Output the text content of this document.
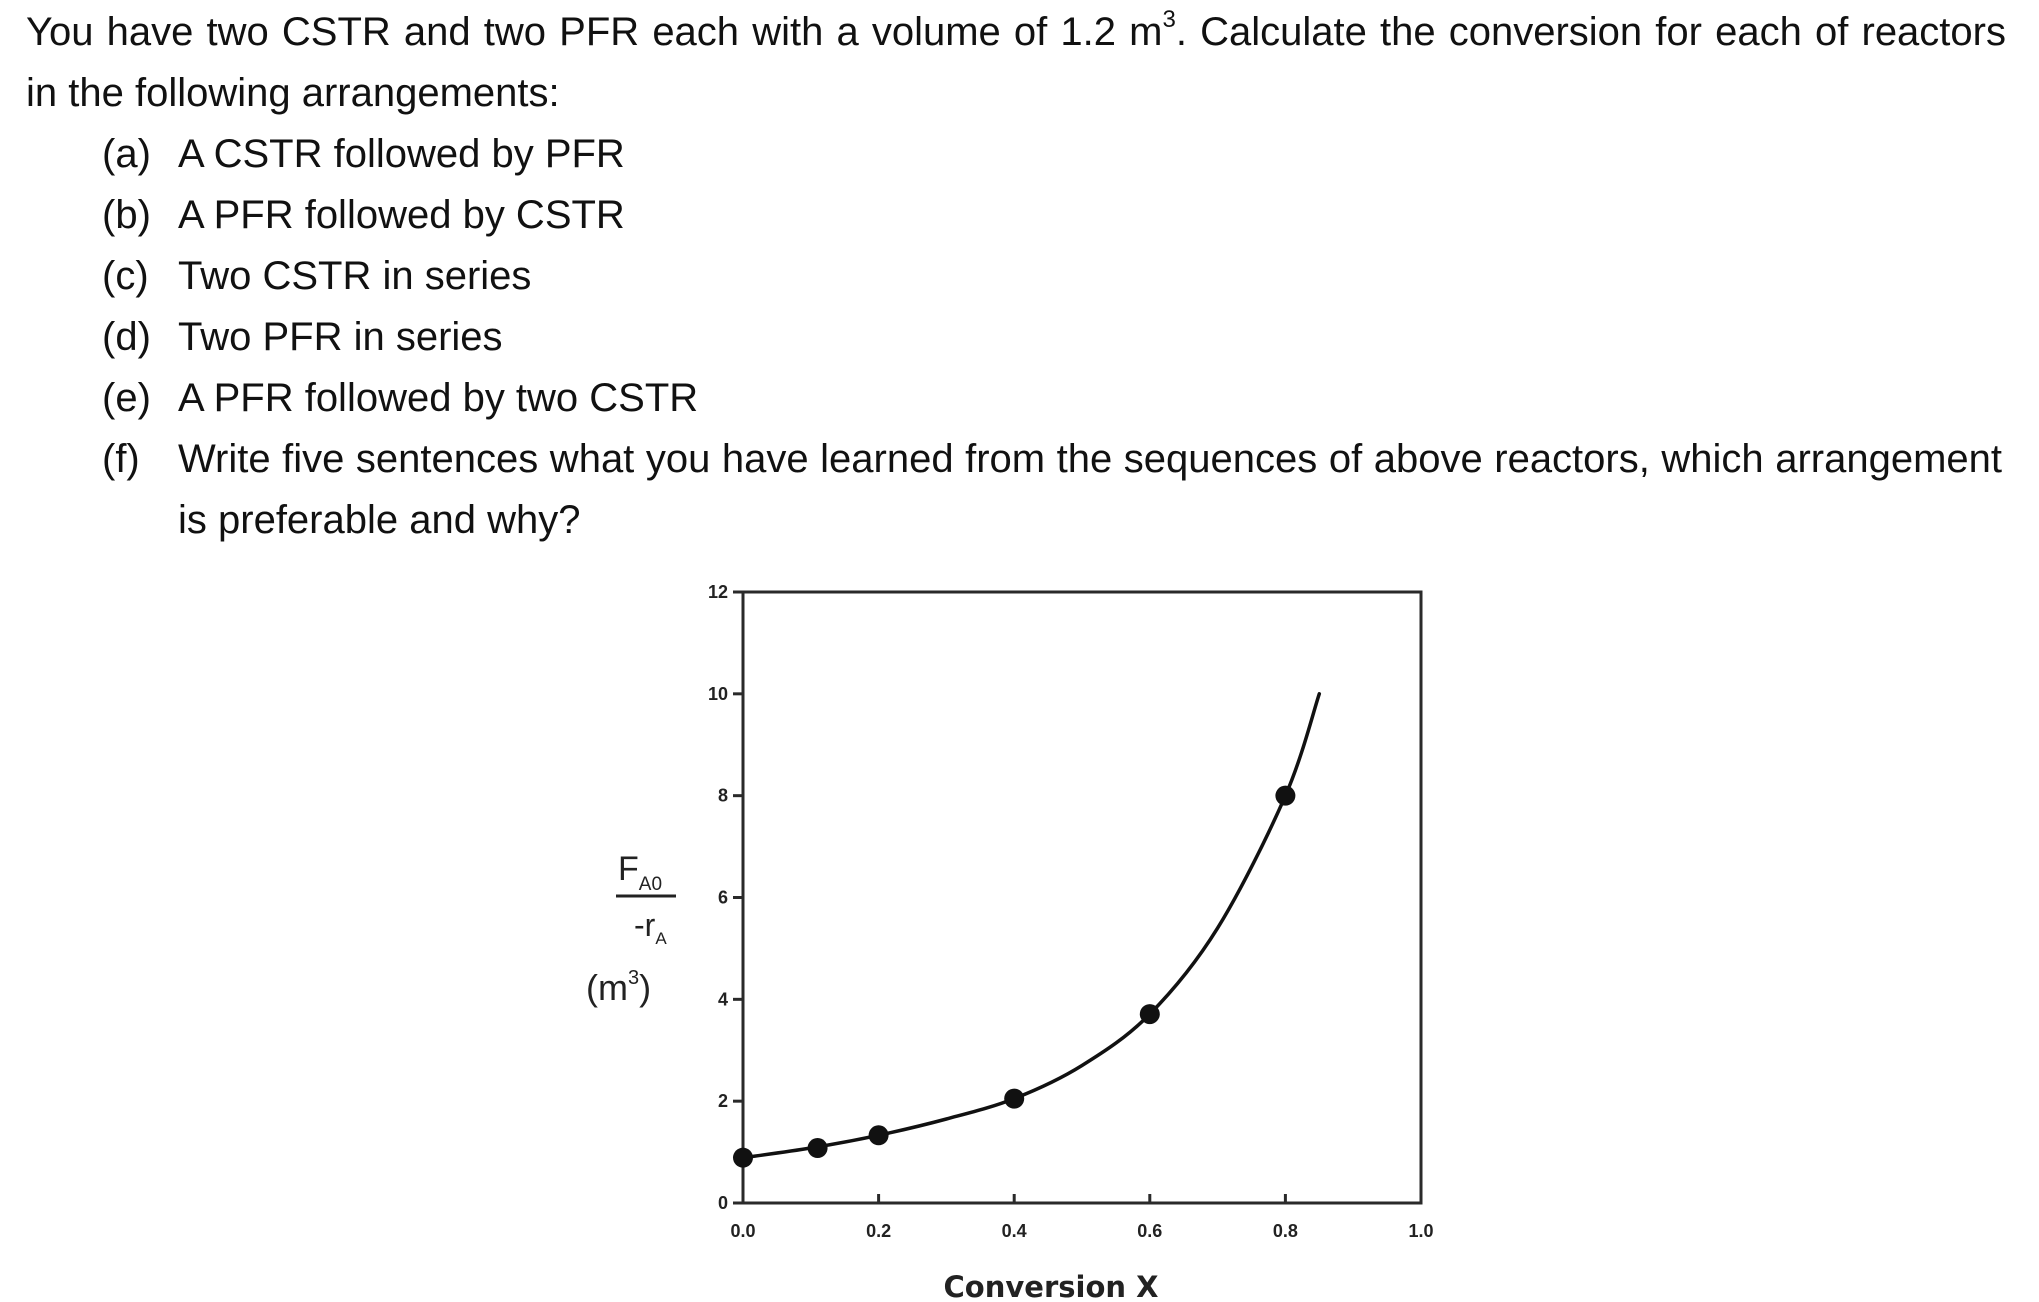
You have two CSTR and two PFR each with a volume of 1.2 $m^3$. Calculate the conversion for each of reactors in the following arrangements:

(a) A CSTR followed by PFR
(b) A PFR followed by CSTR
(c) Two CSTR in series
(d) Two PFR in series
(e) A PFR followed by two CSTR
(f) Write five sentences what you have learned from the sequences of above reactors, which arrangement is preferable and why?
0.0	0.2	0.4	0.6	0.8	1.0
0
2
4
6
8
10
12
$F_{A0}$
$-r_A$
$(m^3)$
Conversion X
